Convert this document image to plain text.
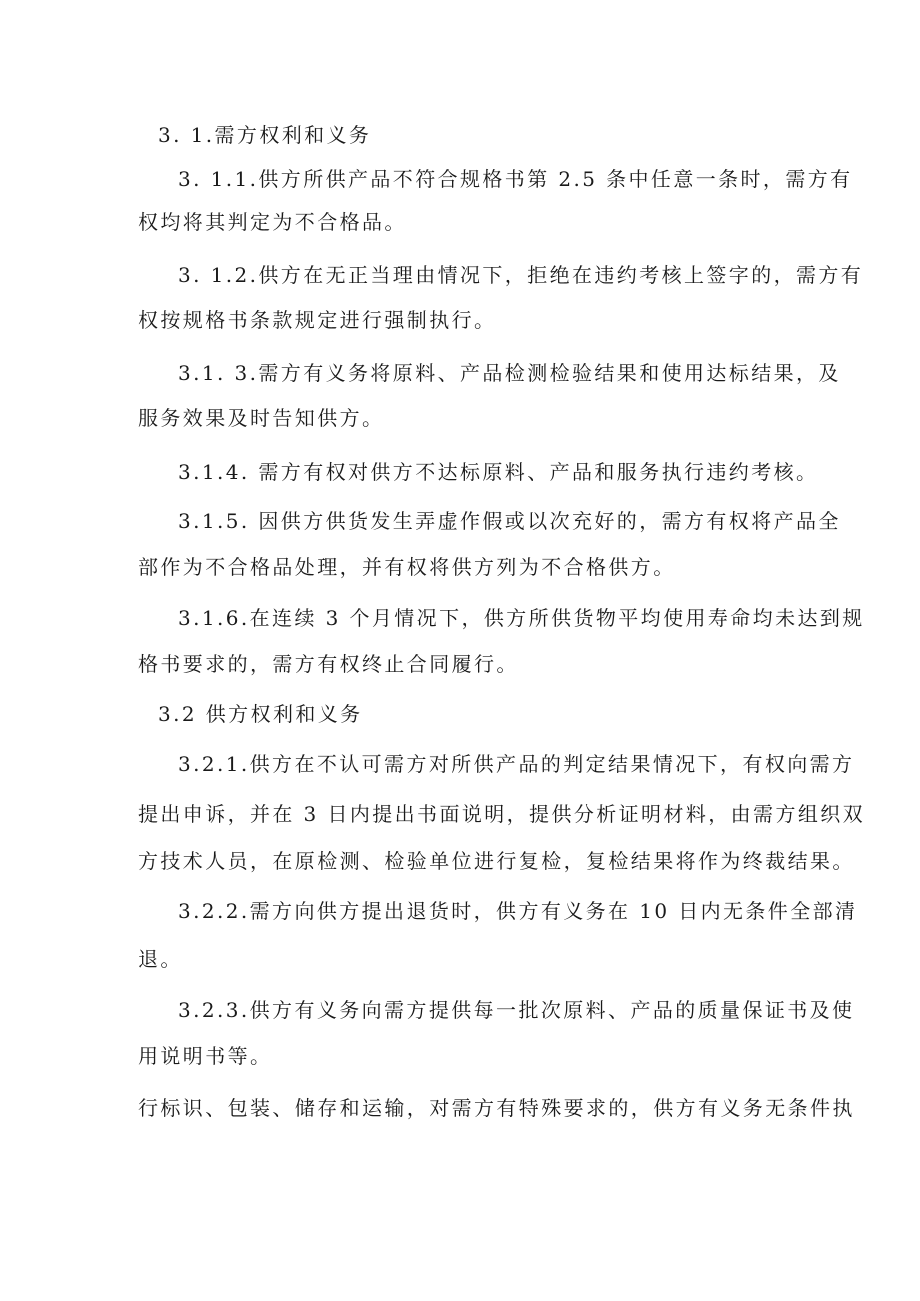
3. 1.需方权利和义务
3. 1.1.供方所供产品不符合规格书第 2.5 条中任意一条时，需方有
权均将其判定为不合格品。
3. 1.2.供方在无正当理由情况下，拒绝在违约考核上签字的，需方有
权按规格书条款规定进行强制执行。
3.1. 3.需方有义务将原料、产品检测检验结果和使用达标结果，及
服务效果及时告知供方。
3.1.4. 需方有权对供方不达标原料、产品和服务执行违约考核。
3.1.5. 因供方供货发生弄虚作假或以次充好的，需方有权将产品全
部作为不合格品处理，并有权将供方列为不合格供方。
3.1.6.在连续 3 个月情况下，供方所供货物平均使用寿命均未达到规
格书要求的，需方有权终止合同履行。
3.2 供方权利和义务
3.2.1.供方在不认可需方对所供产品的判定结果情况下，有权向需方
提出申诉，并在 3 日内提出书面说明，提供分析证明材料，由需方组织双
方技术人员，在原检测、检验单位进行复检，复检结果将作为终裁结果。
3.2.2.需方向供方提出退货时，供方有义务在 10 日内无条件全部清
退。
3.2.3.供方有义务向需方提供每一批次原料、产品的质量保证书及使
用说明书等。
行标识、包装、储存和运输，对需方有特殊要求的，供方有义务无条件执
